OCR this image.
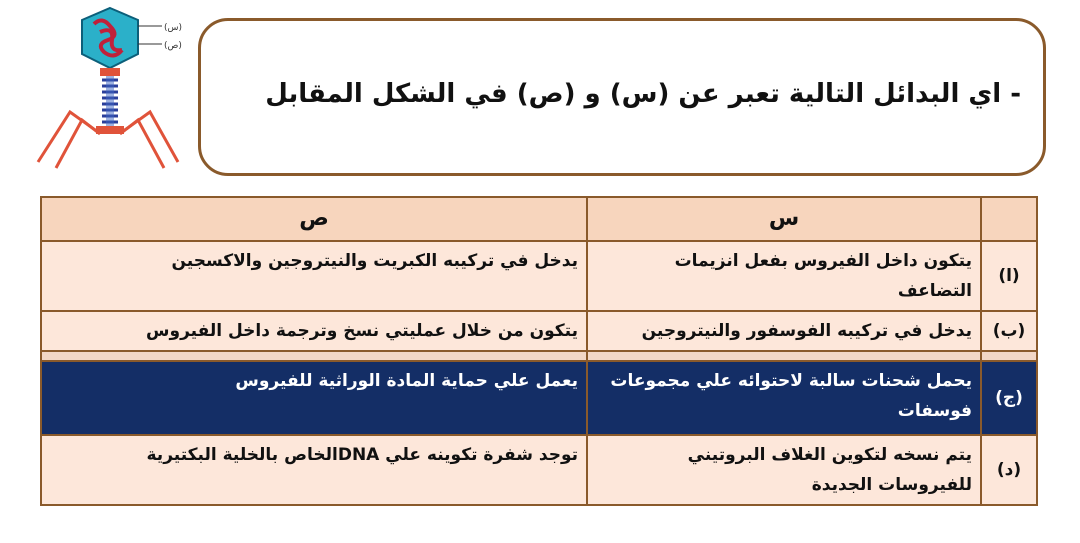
(س)
(ص)
- اي البدائل التالية تعبر عن (س) و (ص) في الشكل المقابل
	س	ص
(ا)	يتكون داخل الفيروس بفعل انزيمات التضاعف	يدخل في تركيبه الكبريت والنيتروجين والاكسجين
(ب)	يدخل في تركيبه الفوسفور والنيتروجين	يتكون من خلال عمليتي نسخ وترجمة داخل الفيروس

(ج)	يحمل شحنات سالبة لاحتوائه علي مجموعات فوسفات	يعمل علي حماية المادة الوراثية للفيروس
(د)	يتم نسخه لتكوين الغلاف البروتيني للفيروسات الجديدة	توجد شفرة تكوينه علي DNAالخاص بالخلية البكتيرية
